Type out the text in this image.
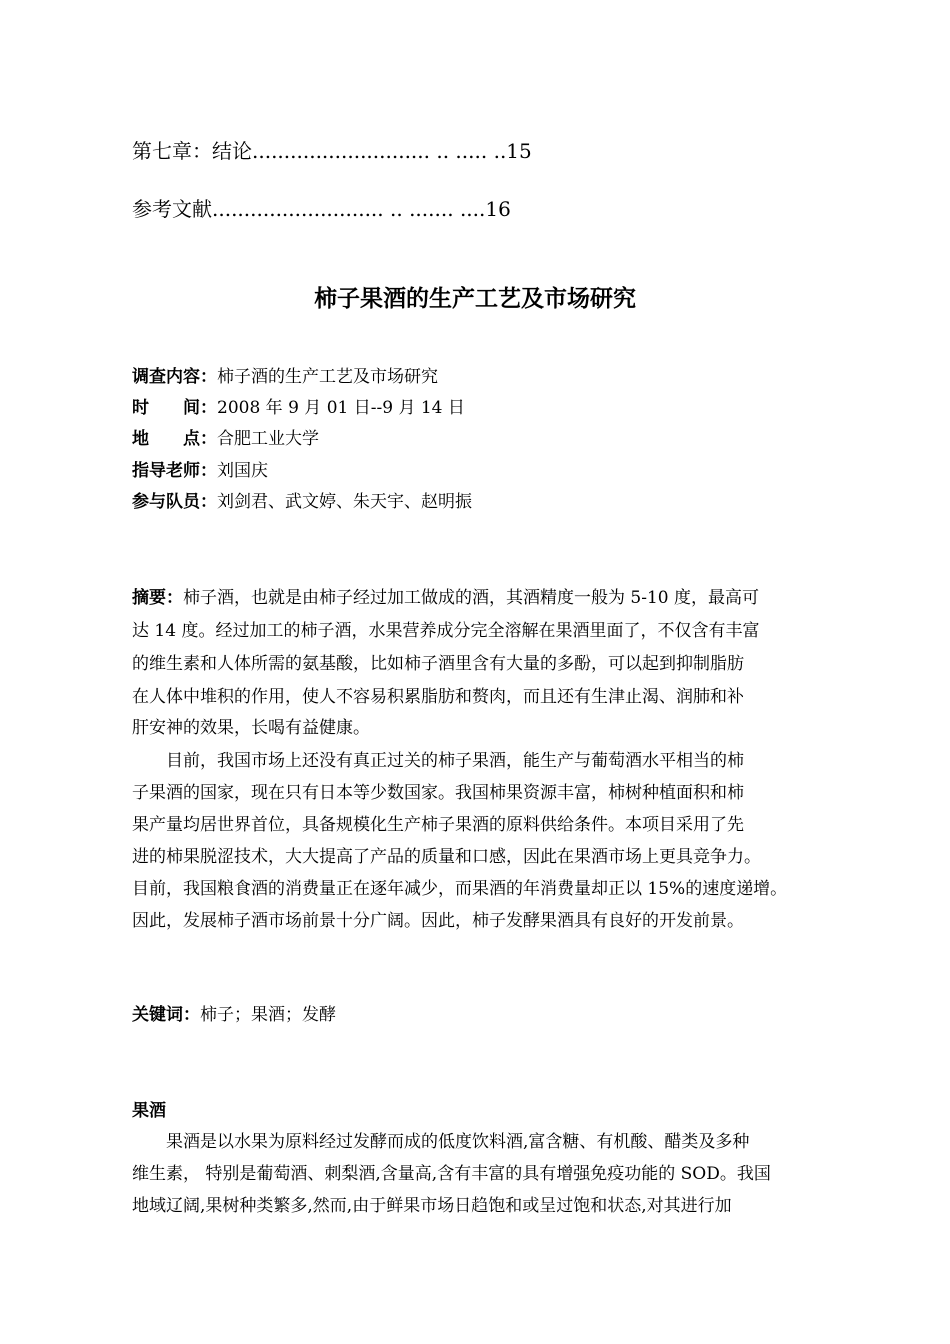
第七章：结论............................ .. ..... ..15
参考文献........................... .. ....... ....16
柿子果酒的生产工艺及市场研究
调查内容：柿子酒的生产工艺及市场研究
时　　间：2008 年 9 月 01 日--9 月 14 日
地　　点：合肥工业大学
指导老师：刘国庆
参与队员：刘剑君、武文婷、朱天宇、赵明振
摘要：柿子酒，也就是由柿子经过加工做成的酒，其酒精度一般为 5-10 度，最高可
达 14 度。经过加工的柿子酒，水果营养成分完全溶解在果酒里面了，不仅含有丰富
的维生素和人体所需的氨基酸，比如柿子酒里含有大量的多酚，可以起到抑制脂肪
在人体中堆积的作用，使人不容易积累脂肪和赘肉，而且还有生津止渴、润肺和补
肝安神的效果，长喝有益健康。
　　目前，我国市场上还没有真正过关的柿子果酒，能生产与葡萄酒水平相当的柿
子果酒的国家，现在只有日本等少数国家。我国柿果资源丰富，柿树种植面积和柿
果产量均居世界首位，具备规模化生产柿子果酒的原料供给条件。本项目采用了先
进的柿果脱涩技术，大大提高了产品的质量和口感，因此在果酒市场上更具竞争力。
目前，我国粮食酒的消费量正在逐年减少，而果酒的年消费量却正以 15%的速度递增。
因此，发展柿子酒市场前景十分广阔。因此，柿子发酵果酒具有良好的开发前景。
关键词：柿子；果酒；发酵
果酒
　　果酒是以水果为原料经过发酵而成的低度饮料酒,富含糖、有机酸、醋类及多种
维生素， 特别是葡萄酒、刺梨酒,含量高,含有丰富的具有增强免疫功能的 SOD。我国
地域辽阔,果树种类繁多,然而,由于鲜果市场日趋饱和或呈过饱和状态,对其进行加
